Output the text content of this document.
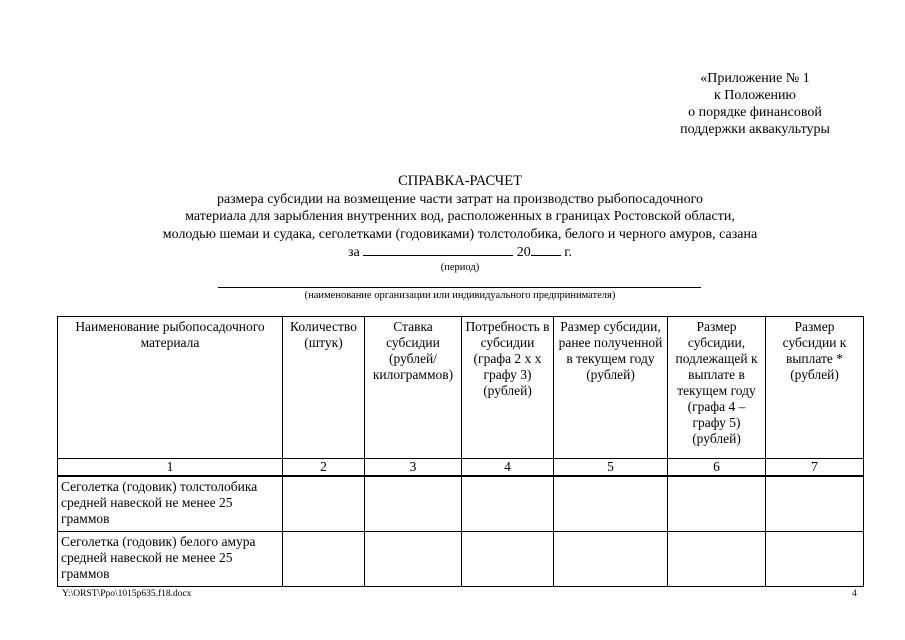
«Приложение № 1
к Положению
о порядке финансовой
поддержки аквакультуры
СПРАВКА-РАСЧЕТ
размера субсидии на возмещение части затрат на производство рыбопосадочного
материала для зарыбления внутренних вод, расположенных в границах Ростовской области,
молодью шемаи и судака, сеголетками (годовиками) толстолобика, белого и черного амуров, сазана
за	20 г.
(период)
(наименование организации или индивидуального предпринимателя)
Наименование рыбопосадочного материала	Количество (штук)	Ставка субсидии (рублей/ килограммов)	Потребность в субсидии (графа 2 х х графу 3) (рублей)	Размер субсидии, ранее полученной в текущем году (рублей)	Размер субсидии, подлежащей к выплате в текущем году (графа 4 – графу 5) (рублей)	Размер субсидии к выплате * (рублей)
1	2	3	4	5	6	7
Сеголетка (годовик) толстолобика средней навеской не менее 25 граммов						
Сеголетка (годовик) белого амура средней навеской не менее 25 граммов						
Y:\ORST\Ppo\1015p635.f18.docx	4
